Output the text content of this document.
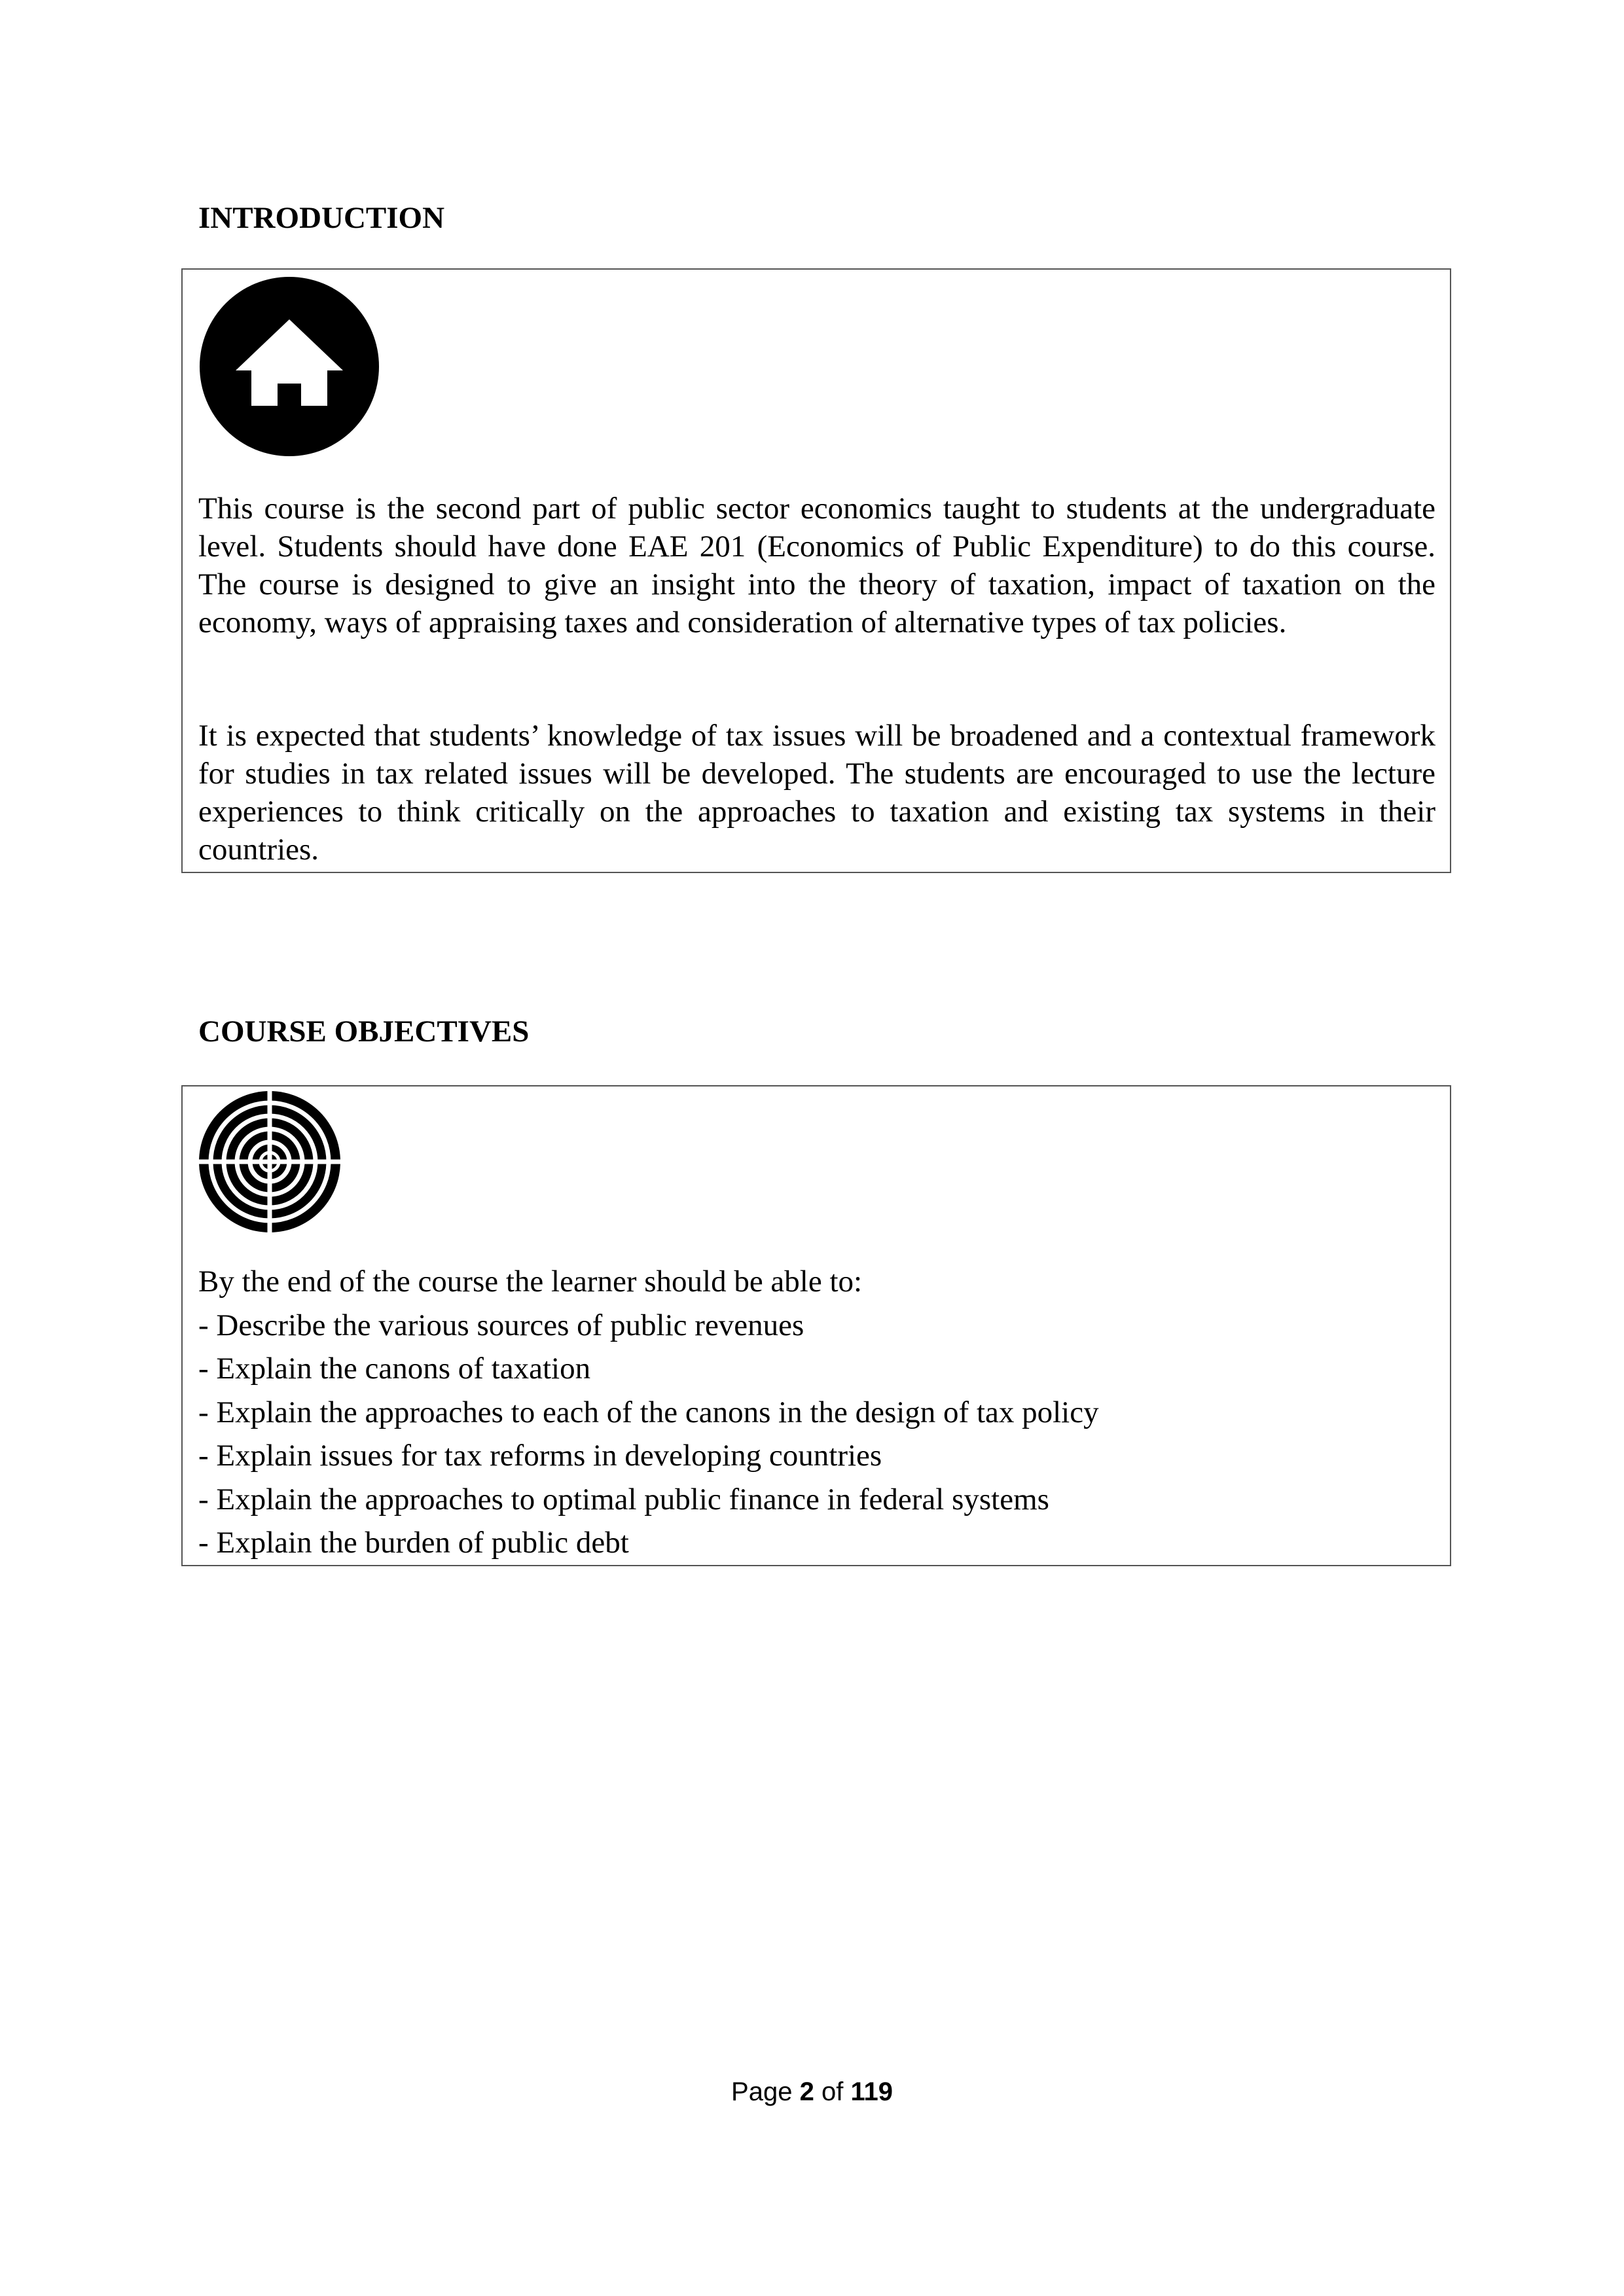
INTRODUCTION

This course is the second part of public sector economics taught to students at the undergraduate level. Students should have done EAE 201 (Economics of Public Expenditure) to do this course. The course is designed to give an insight into the theory of taxation, impact of taxation on the economy, ways of appraising taxes and consideration of alternative types of tax policies.

It is expected that students’ knowledge of tax issues will be broadened and a contextual framework for studies in tax related issues will be developed. The students are encouraged to use the lecture experiences to think critically on the approaches to taxation and existing tax systems in their countries.

COURSE OBJECTIVES
By the end of the course the learner should be able to:
- Describe the various sources of public revenues
- Explain the canons of taxation
- Explain the approaches to each of the canons in the design of tax policy
- Explain issues for tax reforms in developing countries
- Explain the approaches to optimal public finance in federal systems
- Explain the burden of public debt
Page 2 of 119
